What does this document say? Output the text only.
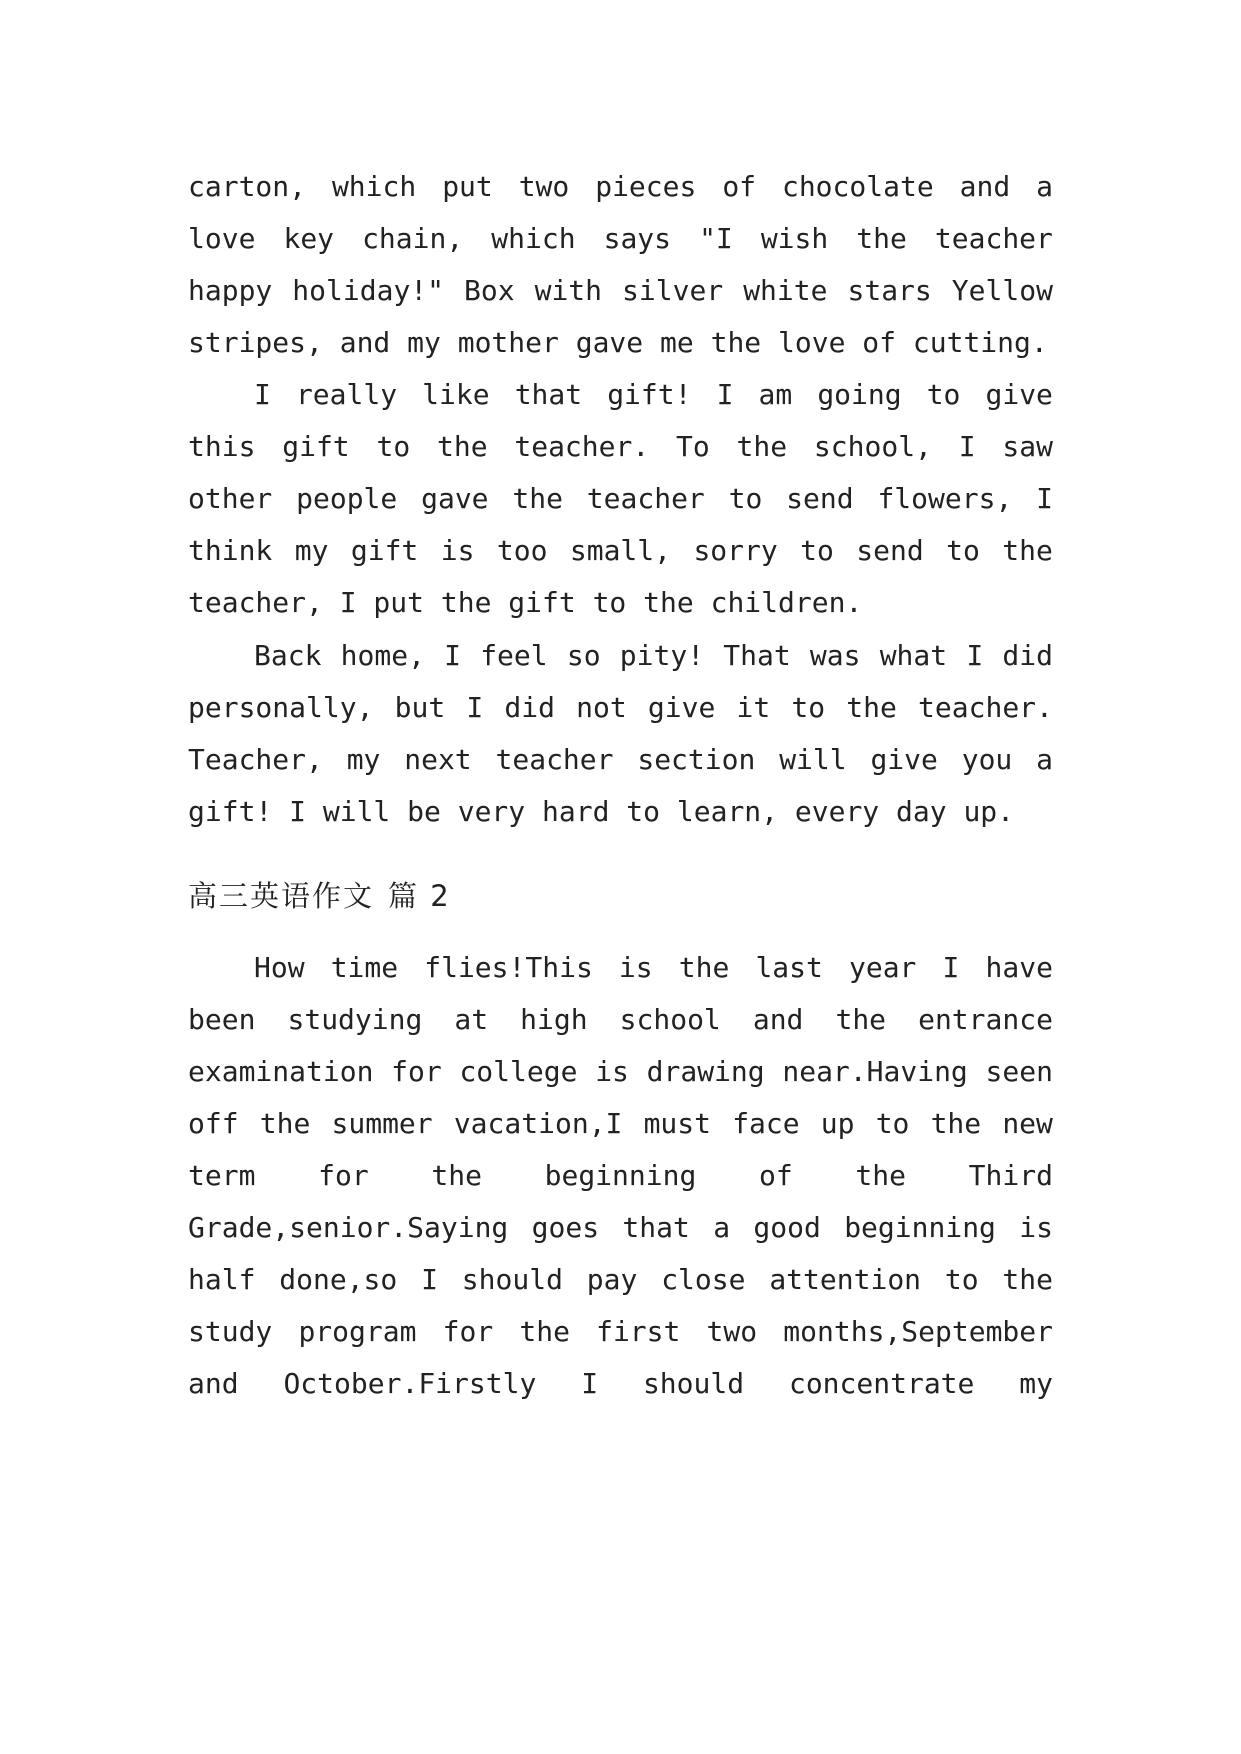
carton, which put two pieces of chocolate and a
love key chain, which says "I wish the teacher
happy holiday!" Box with silver white stars Yellow
stripes, and my mother gave me the love of cutting.
I really like that gift! I am going to give
this gift to the teacher. To the school, I saw
other people gave the teacher to send flowers, I
think my gift is too small, sorry to send to the
teacher, I put the gift to the children.
Back home, I feel so pity! That was what I did
personally, but I did not give it to the teacher.
Teacher, my next teacher section will give you a
gift! I will be very hard to learn, every day up.
高三英语作文 篇 2
How time flies!This is the last year I have
been studying at high school and the entrance
examination for college is drawing near.Having seen
off the summer vacation,I must face up to the new
term for the beginning of the Third
Grade,senior.Saying goes that a good beginning is
half done,so I should pay close attention to the
study program for the first two months,September
and October.Firstly I should concentrate my
